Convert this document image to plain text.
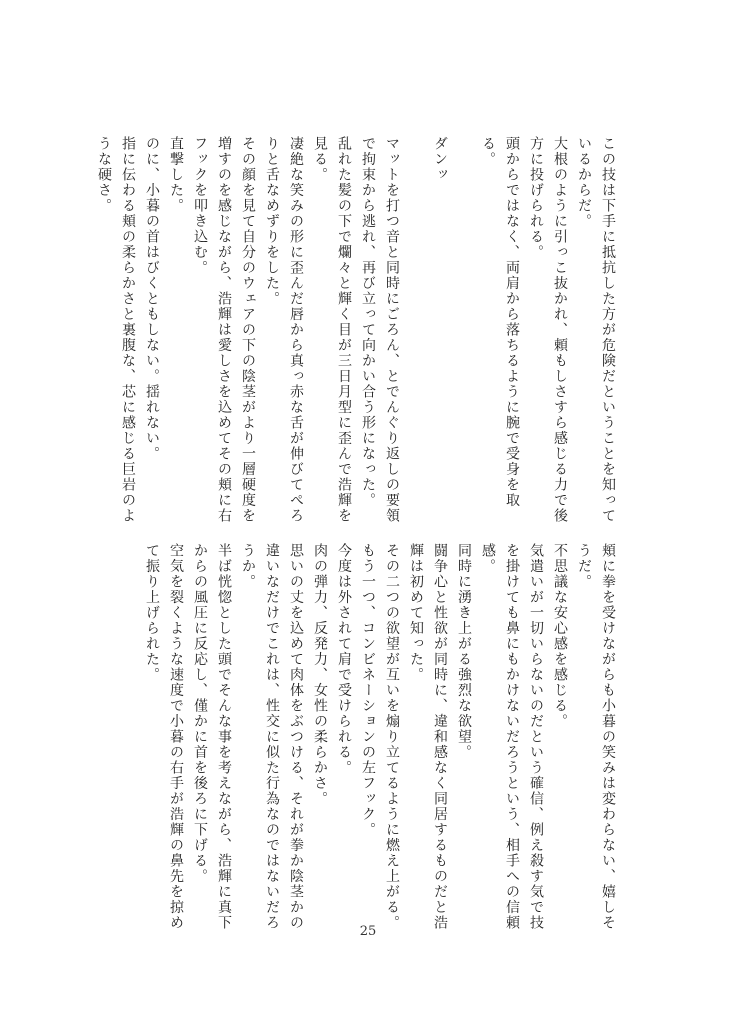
この技は下手に抵抗した方が危険だということを知って
いるからだ。
大根のように引っこ抜かれ、頼もしさすら感じる力で後
方に投げられる。
頭からではなく、両肩から落ちるように腕で受身を取
る。

ダンッ

マットを打つ音と同時にごろん、とでんぐり返しの要領
で拘束から逃れ、再び立って向かい合う形になった。
乱れた髪の下で爛々と輝く目が三日月型に歪んで浩輝を
見る。
凄絶な笑みの形に歪んだ唇から真っ赤な舌が伸びてぺろ
りと舌なめずりをした。
その顔を見て自分のウェアの下の陰茎がより一層硬度を
増すのを感じながら、浩輝は愛しさを込めてその頬に右
フックを叩き込む。
直撃した。
のに、小暮の首はびくともしない。揺れない。
指に伝わる頬の柔らかさと裏腹な、芯に感じる巨岩のよ
うな硬さ。
頬に拳を受けながらも小暮の笑みは変わらない、嬉しそ
うだ。
不思議な安心感を感じる。
気遣いが一切いらないのだという確信、例え殺す気で技
を掛けても鼻にもかけないだろうという、相手への信頼
感。
同時に湧き上がる強烈な欲望。
闘争心と性欲が同時に、違和感なく同居するものだと浩
輝は初めて知った。
その二つの欲望が互いを煽り立てるように燃え上がる。
もう一つ、コンビネーションの左フック。
今度は外されて肩で受けられる。
肉の弾力、反発力、女性の柔らかさ。
思いの丈を込めて肉体をぶつける、それが拳か陰茎かの
違いなだけでこれは、性交に似た行為なのではないだろ
うか。
半ば恍惚とした頭でそんな事を考えながら、浩輝に真下
からの風圧に反応し、僅かに首を後ろに下げる。
空気を裂くような速度で小暮の右手が浩輝の鼻先を掠め
て振り上げられた。
25
